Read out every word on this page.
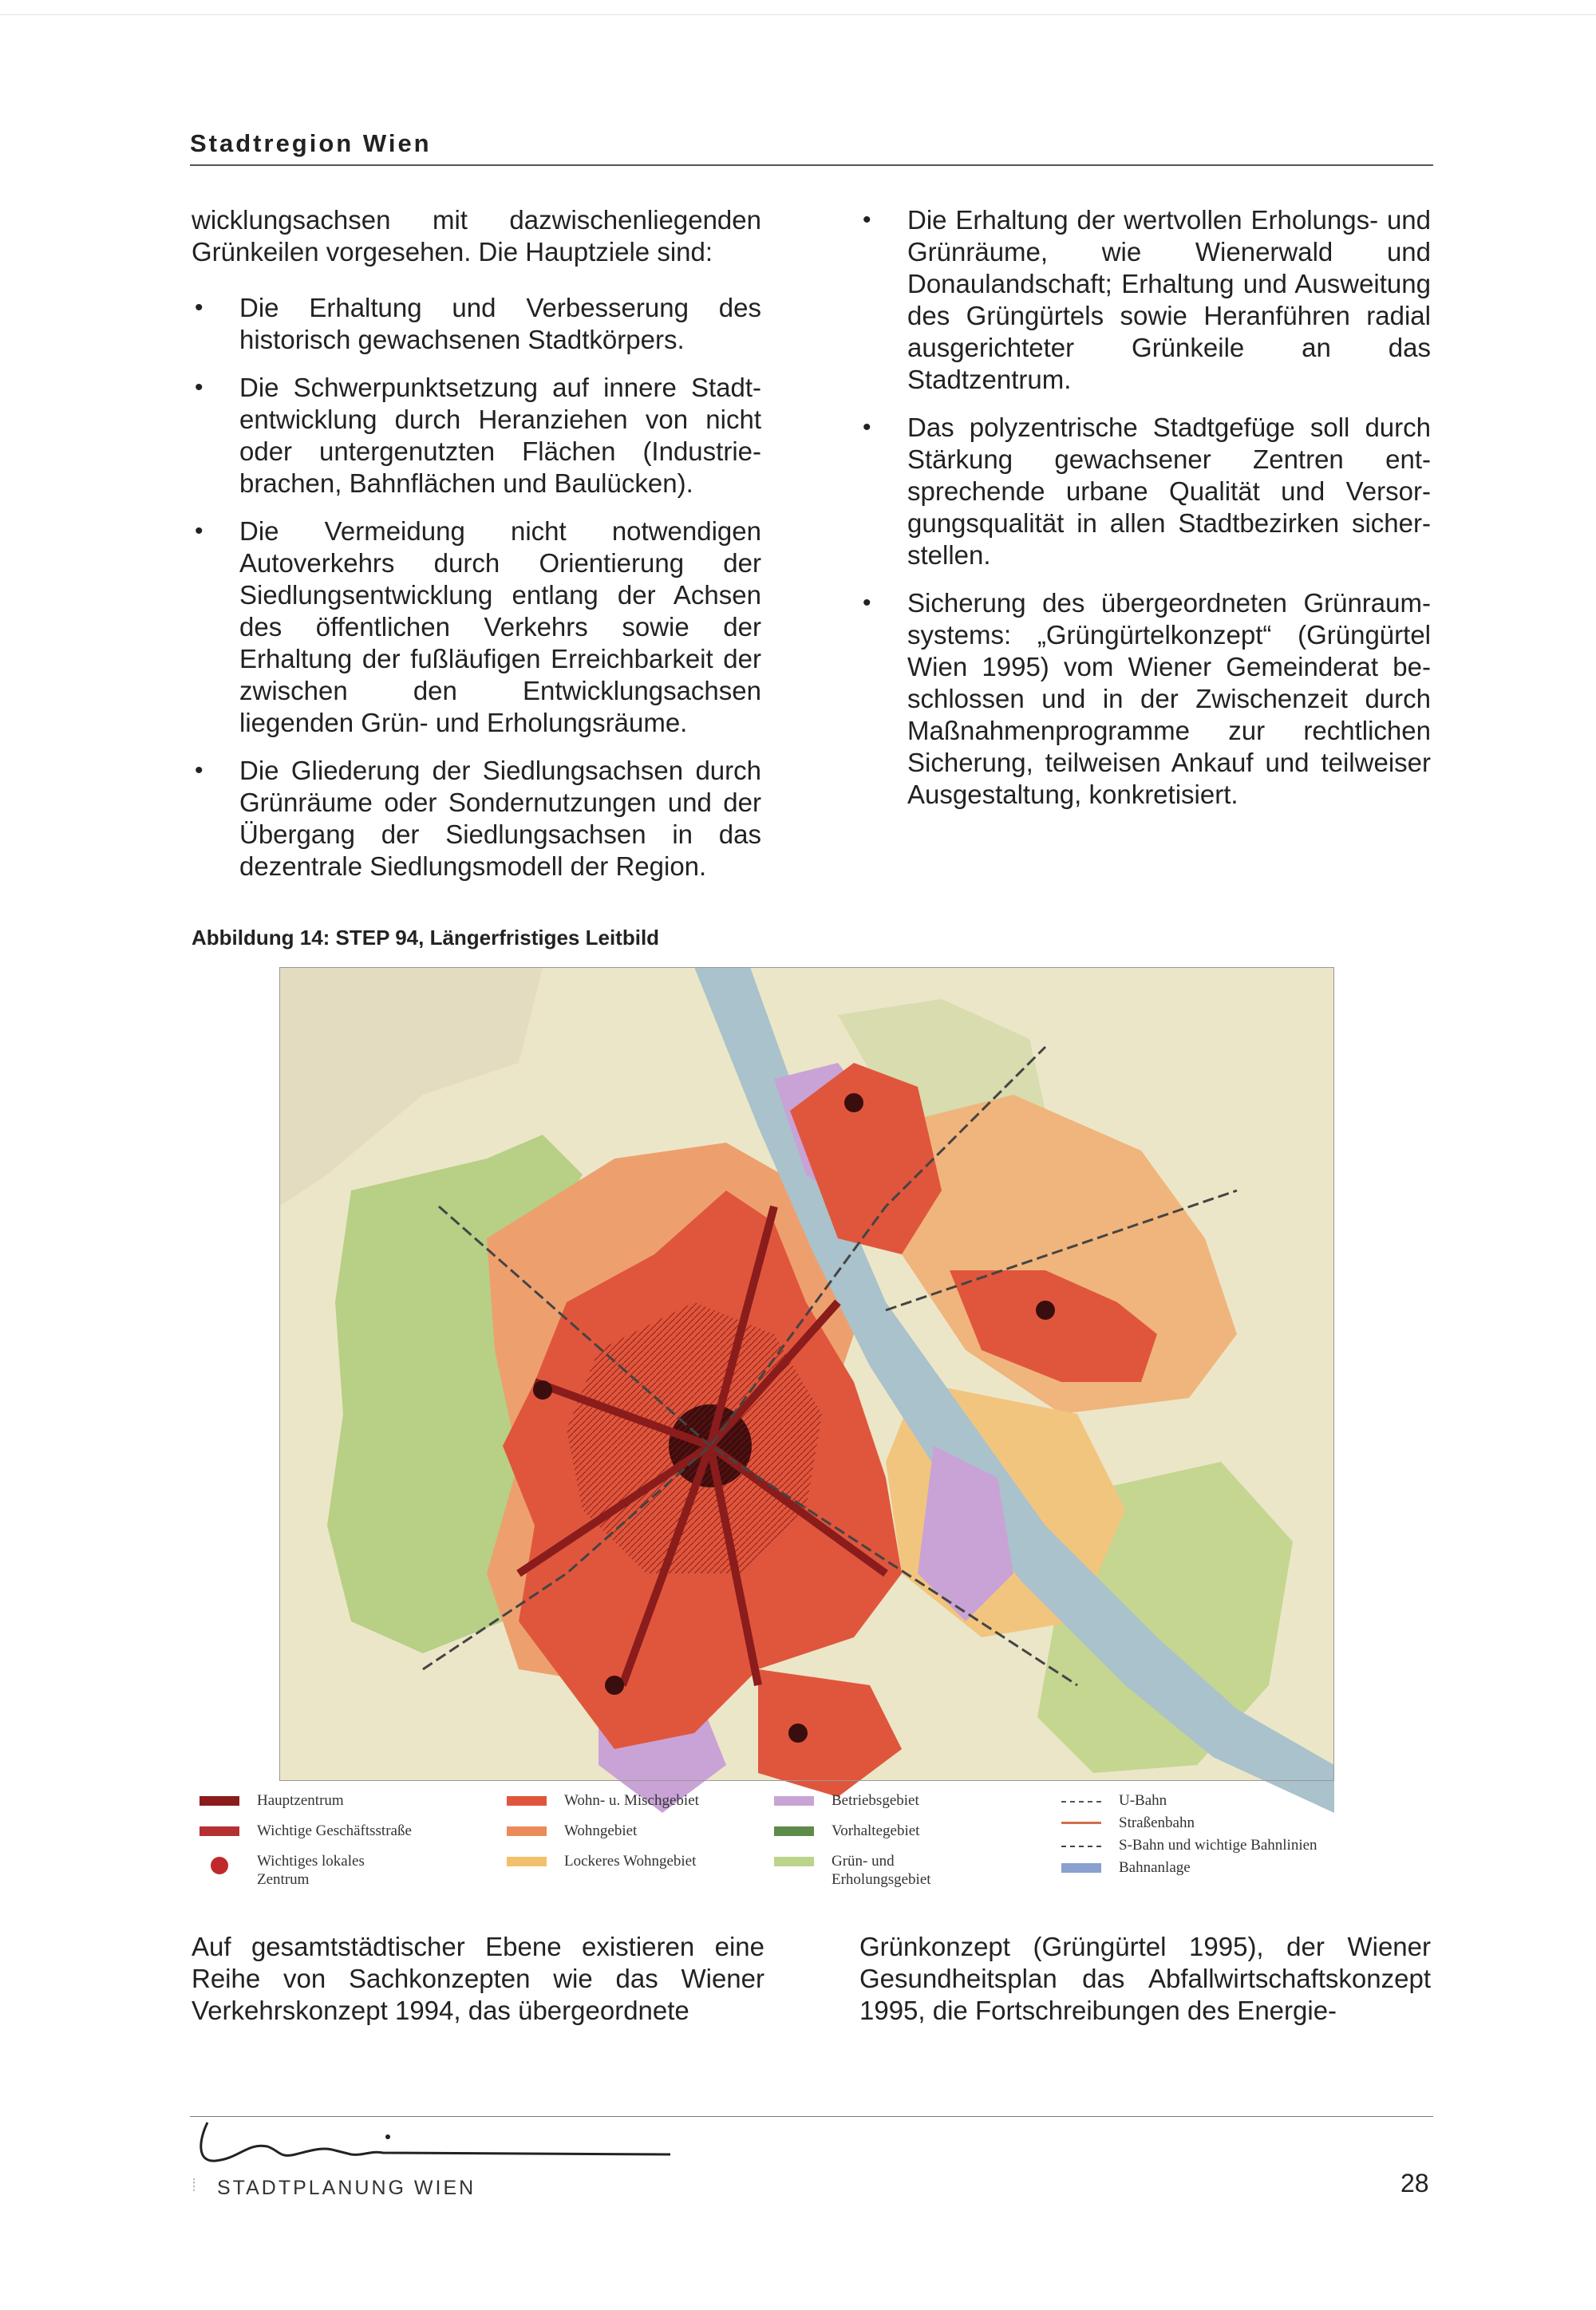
Stadtregion Wien

wicklungsachsen mit dazwischenliegenden Grünkeilen vorgesehen. Die Hauptziele sind:

• Die Erhaltung und Verbesserung des historisch gewachsenen Stadtkörpers.
• Die Schwerpunktsetzung auf innere Stadtentwicklung durch Heranziehen von nicht oder untergenutzten Flächen (Industriebrachen, Bahnflächen und Baulücken).
• Die Vermeidung nicht notwendigen Autoverkehrs durch Orientierung der Siedlungsentwicklung entlang der Achsen des öffentlichen Verkehrs sowie der Erhaltung der fußläufigen Erreichbarkeit der zwischen den Entwicklungsachsen liegenden Grün- und Erholungsräume.
• Die Gliederung der Siedlungsachsen durch Grünräume oder Sondernutzungen und der Übergang der Siedlungsachsen in das dezentrale Siedlungsmodell der Region.
• Die Erhaltung der wertvollen Erholungs- und Grünräume, wie Wienerwald und Donaulandschaft; Erhaltung und Ausweitung des Grüngürtels sowie Heranführen radial ausgerichteter Grünkeile an das Stadtzentrum.
• Das polyzentrische Stadtgefüge soll durch Stärkung gewachsener Zentren entsprechende urbane Qualität und Versorgungsqualität in allen Stadtbezirken sicherstellen.
• Sicherung des übergeordneten Grünraumsystems: „Grüngürtelkonzept“ (Grüngürtel Wien 1995) vom Wiener Gemeinderat beschlossen und in der Zwischenzeit durch Maßnahmenprogramme zur rechtlichen Sicherung, teilweisen Ankauf und teilweiser Ausgestaltung, konkretisiert.
Abbildung 14: STEP 94, Längerfristiges Leitbild
Hauptzentrum
Wichtige Geschäftsstraße
Wichtiges lokales
Zentrum
Wohn- u. Mischgebiet
Wohngebiet
Lockeres Wohngebiet
Betriebsgebiet
Vorhaltegebiet
Grün- und
Erholungsgebiet
U-Bahn
Straßenbahn
S-Bahn und wichtige Bahnlinien
Bahnanlage
Auf gesamtstädtischer Ebene existieren eine Reihe von Sachkonzepten wie das Wiener Verkehrskonzept 1994, das übergeordnete
Grünkonzept (Grüngürtel 1995), der Wiener Gesundheitsplan das Abfallwirtschaftskonzept 1995, die Fortschreibungen des Energie-
⁞ STADTPLANUNG WIEN	28
